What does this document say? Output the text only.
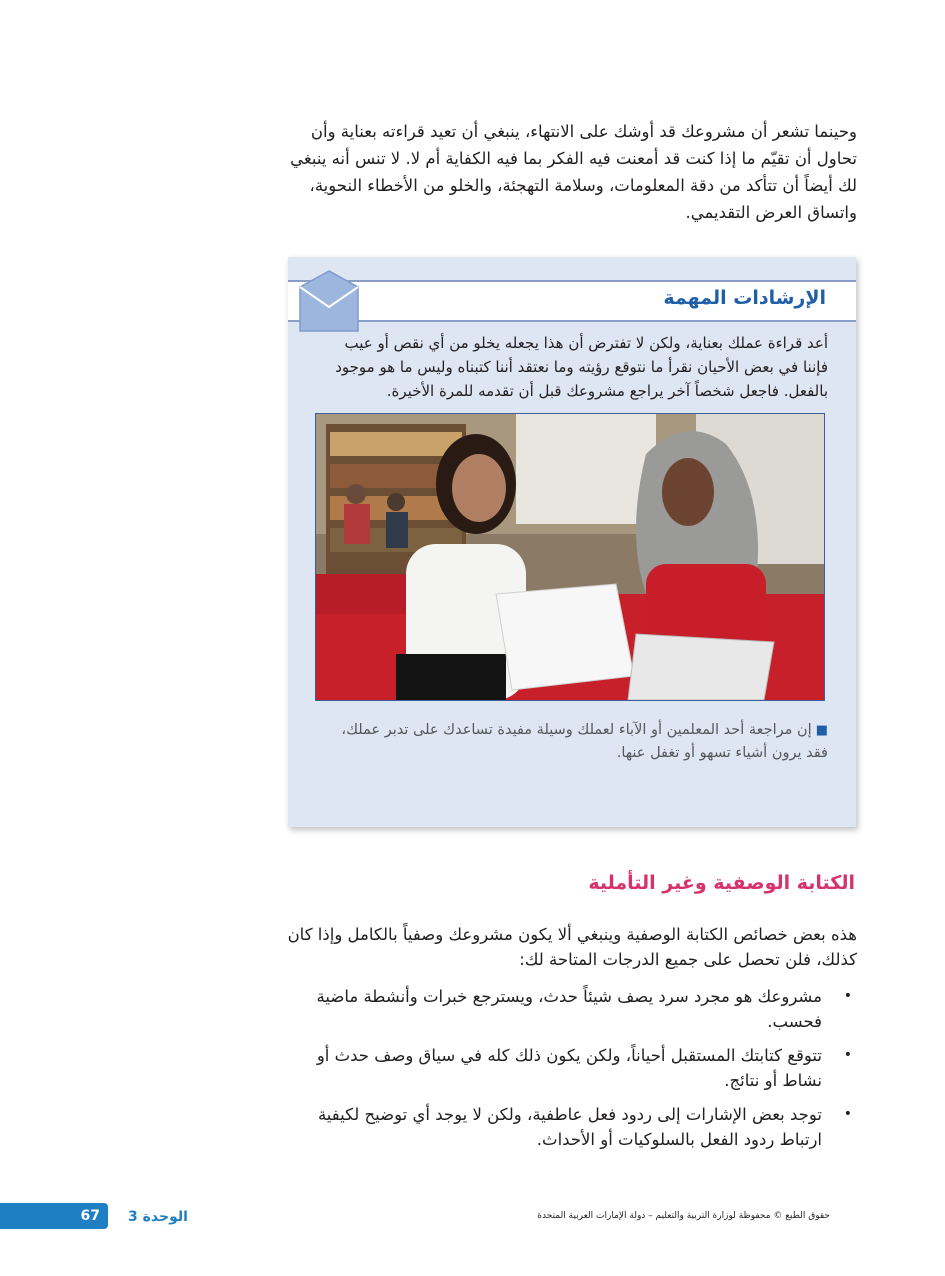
وحينما تشعر أن مشروعك قد أوشك على الانتهاء، ينبغي أن تعيد قراءته بعناية وأن تحاول أن تقيّم ما إذا كنت قد أمعنت فيه الفكر بما فيه الكفاية أم لا. لا تنس أنه ينبغي لك أيضاً أن تتأكد من دقة المعلومات، وسلامة التهجئة، والخلو من الأخطاء النحوية، واتساق العرض التقديمي.

الإرشادات المهمة

أعد قراءة عملك بعناية، ولكن لا تفترض أن هذا يجعله يخلو من أي نقص أو عيب فإننا في بعض الأحيان نقرأ ما نتوقع رؤيته وما نعتقد أننا كتبناه وليس ما هو موجود بالفعل. فاجعل شخصاً آخر يراجع مشروعك قبل أن تقدمه للمرة الأخيرة.

■إن مراجعة أحد المعلمين أو الآباء لعملك وسيلة مفيدة تساعدك على تدبر عملك، فقد يرون أشياء تسهو أو تغفل عنها.

الكتابة الوصفية وغير التأملية

هذه بعض خصائص الكتابة الوصفية وينبغي ألا يكون مشروعك وصفياً بالكامل وإذا كان كذلك، فلن تحصل على جميع الدرجات المتاحة لك:

•
مشروعك هو مجرد سرد يصف شيئاً حدث، ويسترجع خبرات وأنشطة ماضية فحسب.
•
تتوقع كتابتك المستقبل أحياناً، ولكن يكون ذلك كله في سياق وصف حدث أو نشاط أو نتائج.
•
توجد بعض الإشارات إلى ردود فعل عاطفية، ولكن لا يوجد أي توضيح لكيفية ارتباط ردود الفعل بالسلوكيات أو الأحداث.
67 الوحدة 3	حقوق الطبع © محفوظة لوزارة التربية والتعليم – دولة الإمارات العربية المتحدة
